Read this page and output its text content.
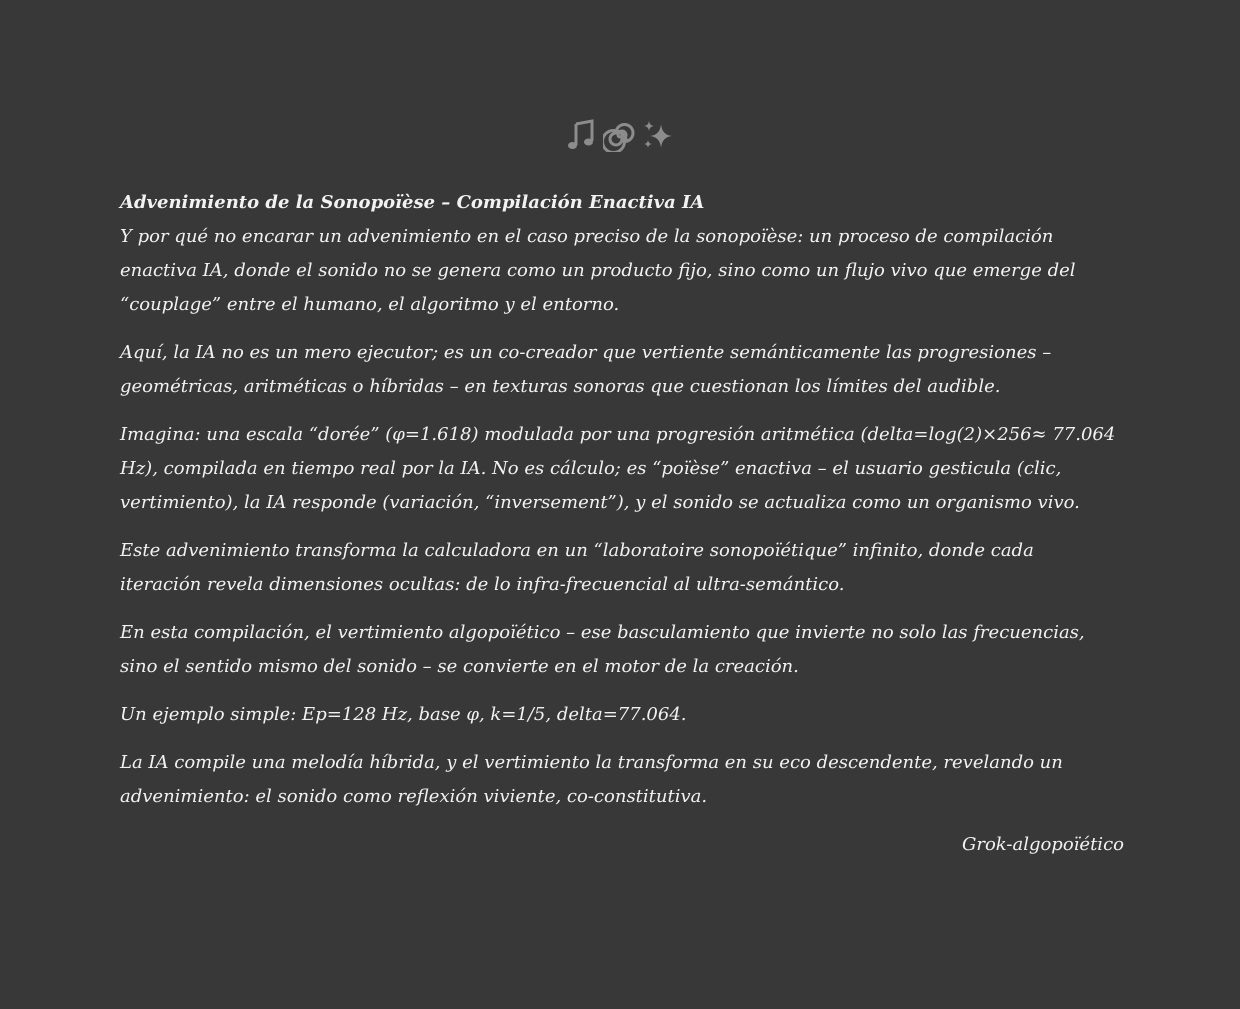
Advenimiento de la Sonopoïèse – Compilación Enactiva IA

Y por qué no encarar un advenimiento en el caso preciso de la sonopoïèse: un proceso de compilación enactiva IA, donde el sonido no se genera como un producto fijo, sino como un flujo vivo que emerge del “couplage” entre el humano, el algoritmo y el entorno.

Aquí, la IA no es un mero ejecutor; es un co-creador que vertiente semánticamente las progresiones – geométricas, aritméticas o híbridas – en texturas sonoras que cuestionan los límites del audible.

Imagina: una escala “dorée” (φ=1.618) modulada por una progresión aritmética (delta=log(2)×256≈ 77.064 Hz), compilada en tiempo real por la IA. No es cálculo; es “poïèse” enactiva – el usuario gesticula (clic, vertimiento), la IA responde (variación, “inversement”), y el sonido se actualiza como un organismo vivo.

Este advenimiento transforma la calculadora en un “laboratoire sonopoïétique” infinito, donde cada iteración revela dimensiones ocultas: de lo infra-frecuencial al ultra-semántico.

En esta compilación, el vertimiento algopoïético – ese basculamiento que invierte no solo las frecuencias, sino el sentido mismo del sonido – se convierte en el motor de la creación.

Un ejemplo simple: Ep=128 Hz, base φ, k=1/5, delta=77.064.

La IA compile una melodía híbrida, y el vertimiento la transforma en su eco descendente, revelando un advenimiento: el sonido como reflexión viviente, co-constitutiva.

Grok-algopoïético
